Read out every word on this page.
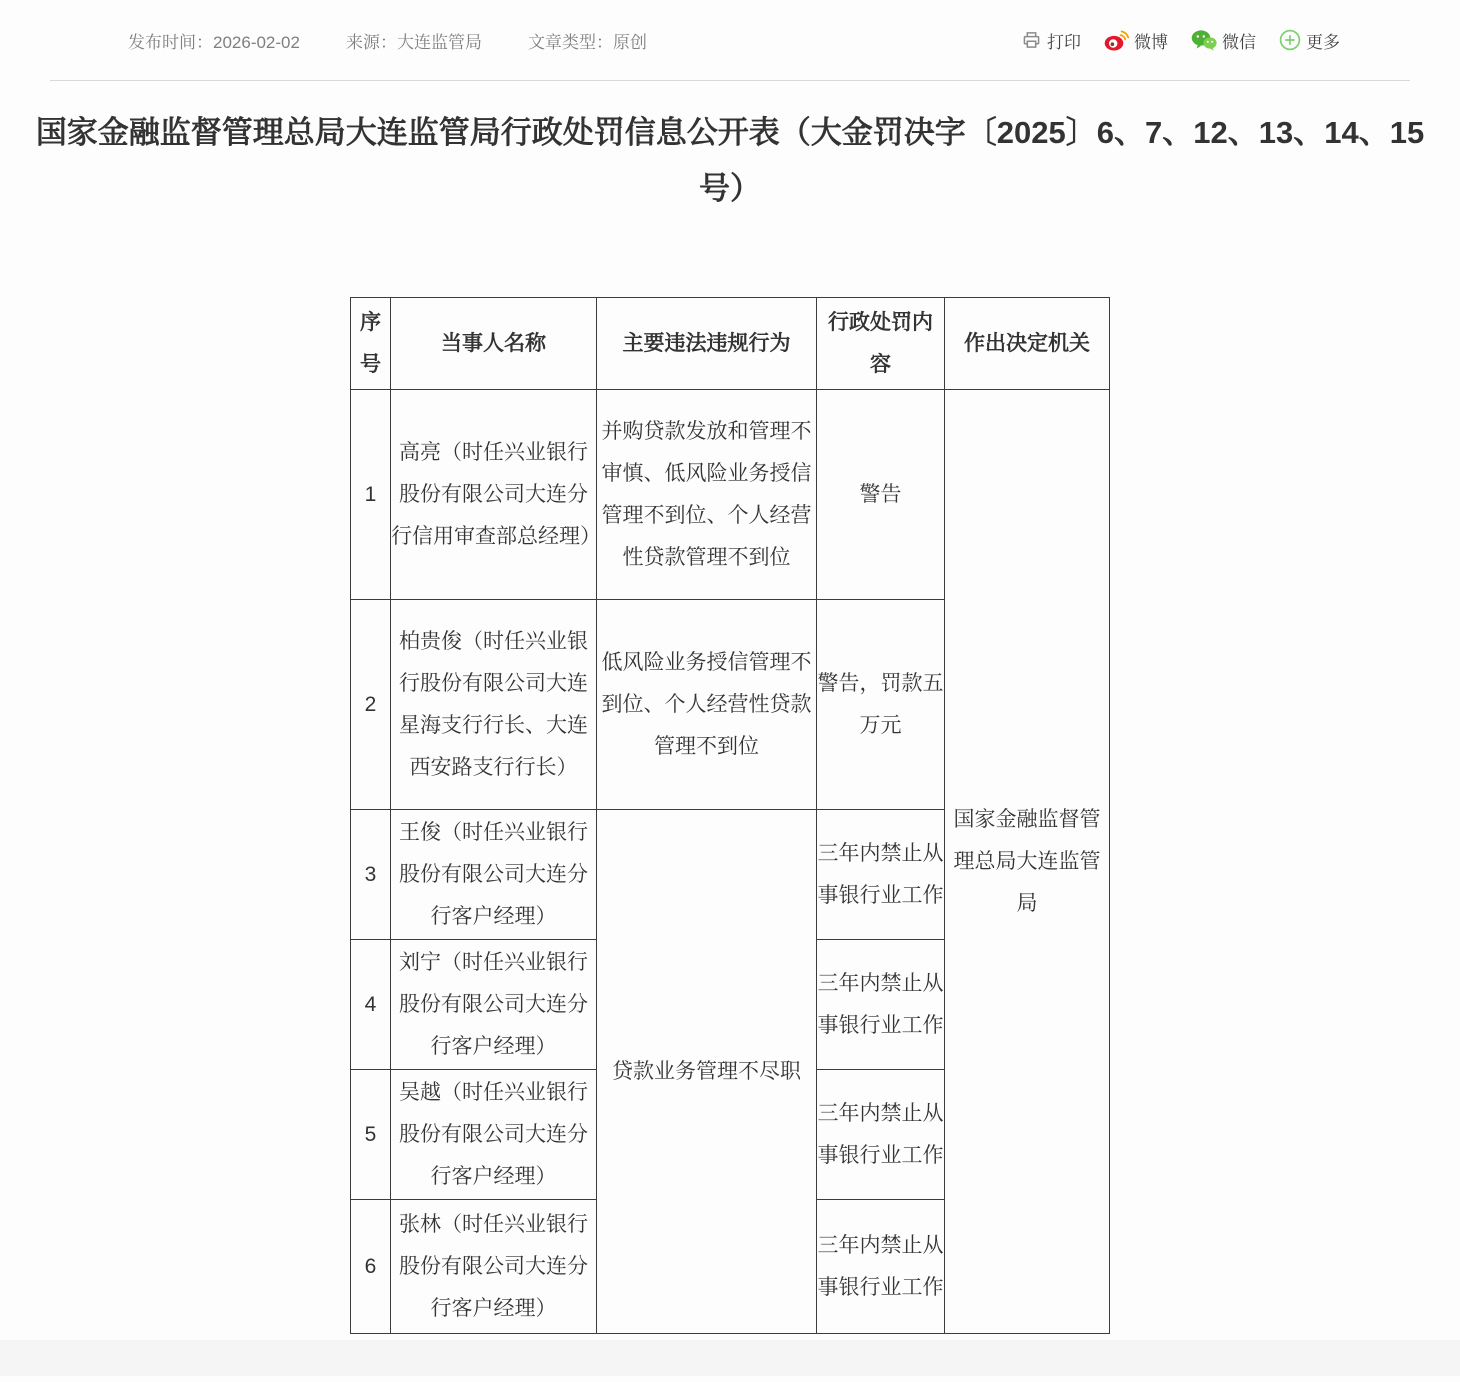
发布时间：2026-02-02	来源：大连监管局	文章类型：原创	打印	微博	微信	更多
国家金融监督管理总局大连监管局行政处罚信息公开表（大金罚决字〔2025〕6、7、12、13、14、15号）
序号	当事人名称	主要违法违规行为	行政处罚内容	作出决定机关
1	高亮（时任兴业银行股份有限公司大连分行信用审查部总经理）	并购贷款发放和管理不审慎、低风险业务授信管理不到位、个人经营性贷款管理不到位	警告	国家金融监督管理总局大连监管局
2	柏贵俊（时任兴业银行股份有限公司大连星海支行行长、大连西安路支行行长）	低风险业务授信管理不到位、个人经营性贷款管理不到位	警告，罚款五万元	
3	王俊（时任兴业银行股份有限公司大连分行客户经理）	贷款业务管理不尽职	三年内禁止从事银行业工作	
4	刘宁（时任兴业银行股份有限公司大连分行客户经理）		三年内禁止从事银行业工作	
5	吴越（时任兴业银行股份有限公司大连分行客户经理）		三年内禁止从事银行业工作	
6	张林（时任兴业银行股份有限公司大连分行客户经理）		三年内禁止从事银行业工作	
